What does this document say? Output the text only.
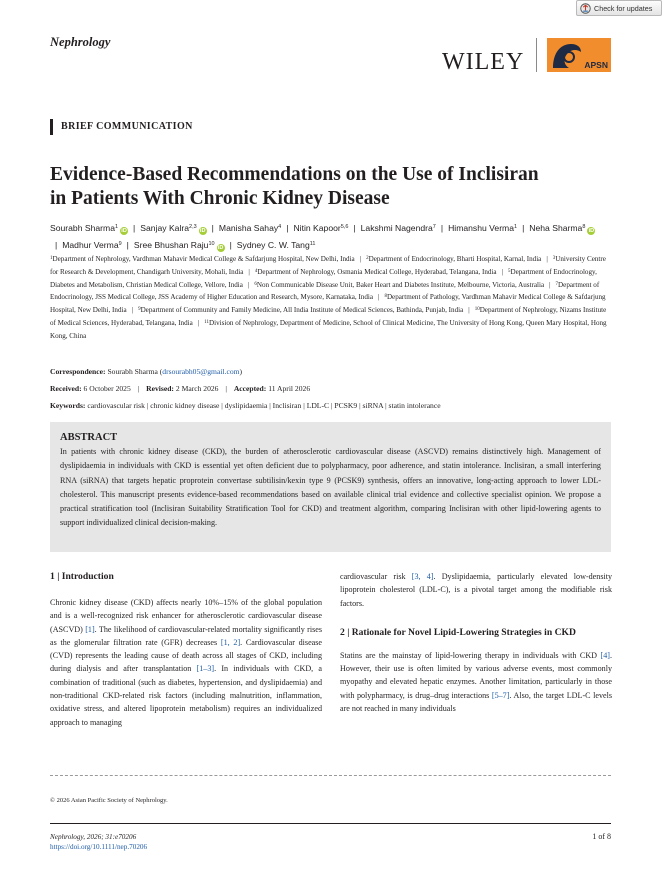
Check for updates
Nephrology
WILEY	APSN
BRIEF COMMUNICATION
Evidence-Based Recommendations on the Use of Inclisiran
in Patients With Chronic Kidney Disease
Sourabh Sharma$^1$iD | Sanjay Kalra$^{2,3}$iD | Manisha Sahay$^4$ | Nitin Kapoor$^{5,6}$ | Lakshmi Nagendra$^7$ | Himanshu Verma$^1$ | Neha Sharma$^8$iD| Madhur Verma$^9$ | Sree Bhushan Raju$^{10}$iD | Sydney C. W. Tang$^{11}$
$^1$Department of Nephrology, Vardhman Mahavir Medical College & Safdarjung Hospital, New Delhi, India | $^2$Department of Endocrinology, Bharti Hospital, Karnal, India | $^3$University Centre for Research & Development, Chandigarh University, Mohali, India | $^4$Department of Nephrology, Osmania Medical College, Hyderabad, Telangana, India | $^5$Department of Endocrinology, Diabetes and Metabolism, Christian Medical College, Vellore, India | $^6$Non Communicable Disease Unit, Baker Heart and Diabetes Institute, Melbourne, Victoria, Australia | $^7$Department of Endocrinology, JSS Medical College, JSS Academy of Higher Education and Research, Mysore, Karnataka, India | $^8$Department of Pathology, Vardhman Mahavir Medical College & Safdarjung Hospital, New Delhi, India | $^9$Department of Community and Family Medicine, All India Institute of Medical Sciences, Bathinda, Punjab, India | $^{10}$Department of Nephrology, Nizams Institute of Medical Sciences, Hyderabad, Telangana, India | $^{11}$Division of Nephrology, Department of Medicine, School of Clinical Medicine, The University of Hong Kong, Queen Mary Hospital, Hong Kong, China
Correspondence: Sourabh Sharma (drsourabh05@gmail.com)
Received: 6 October 2025 | Revised: 2 March 2026 | Accepted: 11 April 2026
Keywords: cardiovascular risk | chronic kidney disease | dyslipidaemia | Inclisiran | LDL-C | PCSK9 | siRNA | statin intolerance
ABSTRACT
In patients with chronic kidney disease (CKD), the burden of atherosclerotic cardiovascular disease (ASCVD) remains distinctively high. Management of dyslipidaemia in individuals with CKD is essential yet often deficient due to polypharmacy, poor adherence, and statin intolerance. Inclisiran, a small interfering RNA (siRNA) that targets hepatic proprotein convertase subtilisin/kexin type 9 (PCSK9) synthesis, offers an innovative, long-acting approach to lower LDL-cholesterol. This manuscript presents evidence-based recommendations based on available clinical trial evidence and collective specialist opinion. We propose a practical stratification tool (Inclisiran Suitability Stratification Tool for CKD) and treatment algorithm, comparing Inclisiran with other lipid-lowering agents to support individualized clinical decision-making.
1 | Introduction

Chronic kidney disease (CKD) affects nearly 10%–15% of the global population and is a well-recognized risk enhancer for atherosclerotic cardiovascular disease (ASCVD) [1]. The likelihood of cardiovascular-related mortality significantly rises as the glomerular filtration rate (GFR) decreases [1, 2]. Cardiovascular disease (CVD) represents the leading cause of death across all stages of CKD, including during dialysis and after transplantation [1–3]. In individuals with CKD, a combination of traditional (such as diabetes, hypertension, and dyslipidaemia) and non-traditional CKD-related risk factors (including malnutrition, inflammation, oxidative stress, and altered lipoprotein metabolism) requires an individualized approach to managing

cardiovascular risk [3, 4]. Dyslipidaemia, particularly elevated low-density lipoprotein cholesterol (LDL-C), is a pivotal target among the modifiable risk factors.

2 | Rationale for Novel Lipid-Lowering Strategies in CKD

Statins are the mainstay of lipid-lowering therapy in individuals with CKD [4]. However, their use is often limited by various adverse events, most commonly myopathy and elevated hepatic enzymes. Another limitation, particularly in those with polypharmacy, is drug–drug interactions [5–7]. Also, the target LDL-C levels are not reached in many individuals

© 2026 Asian Pacific Society of Nephrology.
Nephrology, 2026; 31:e70206
https://doi.org/10.1111/nep.70206
1 of 8
